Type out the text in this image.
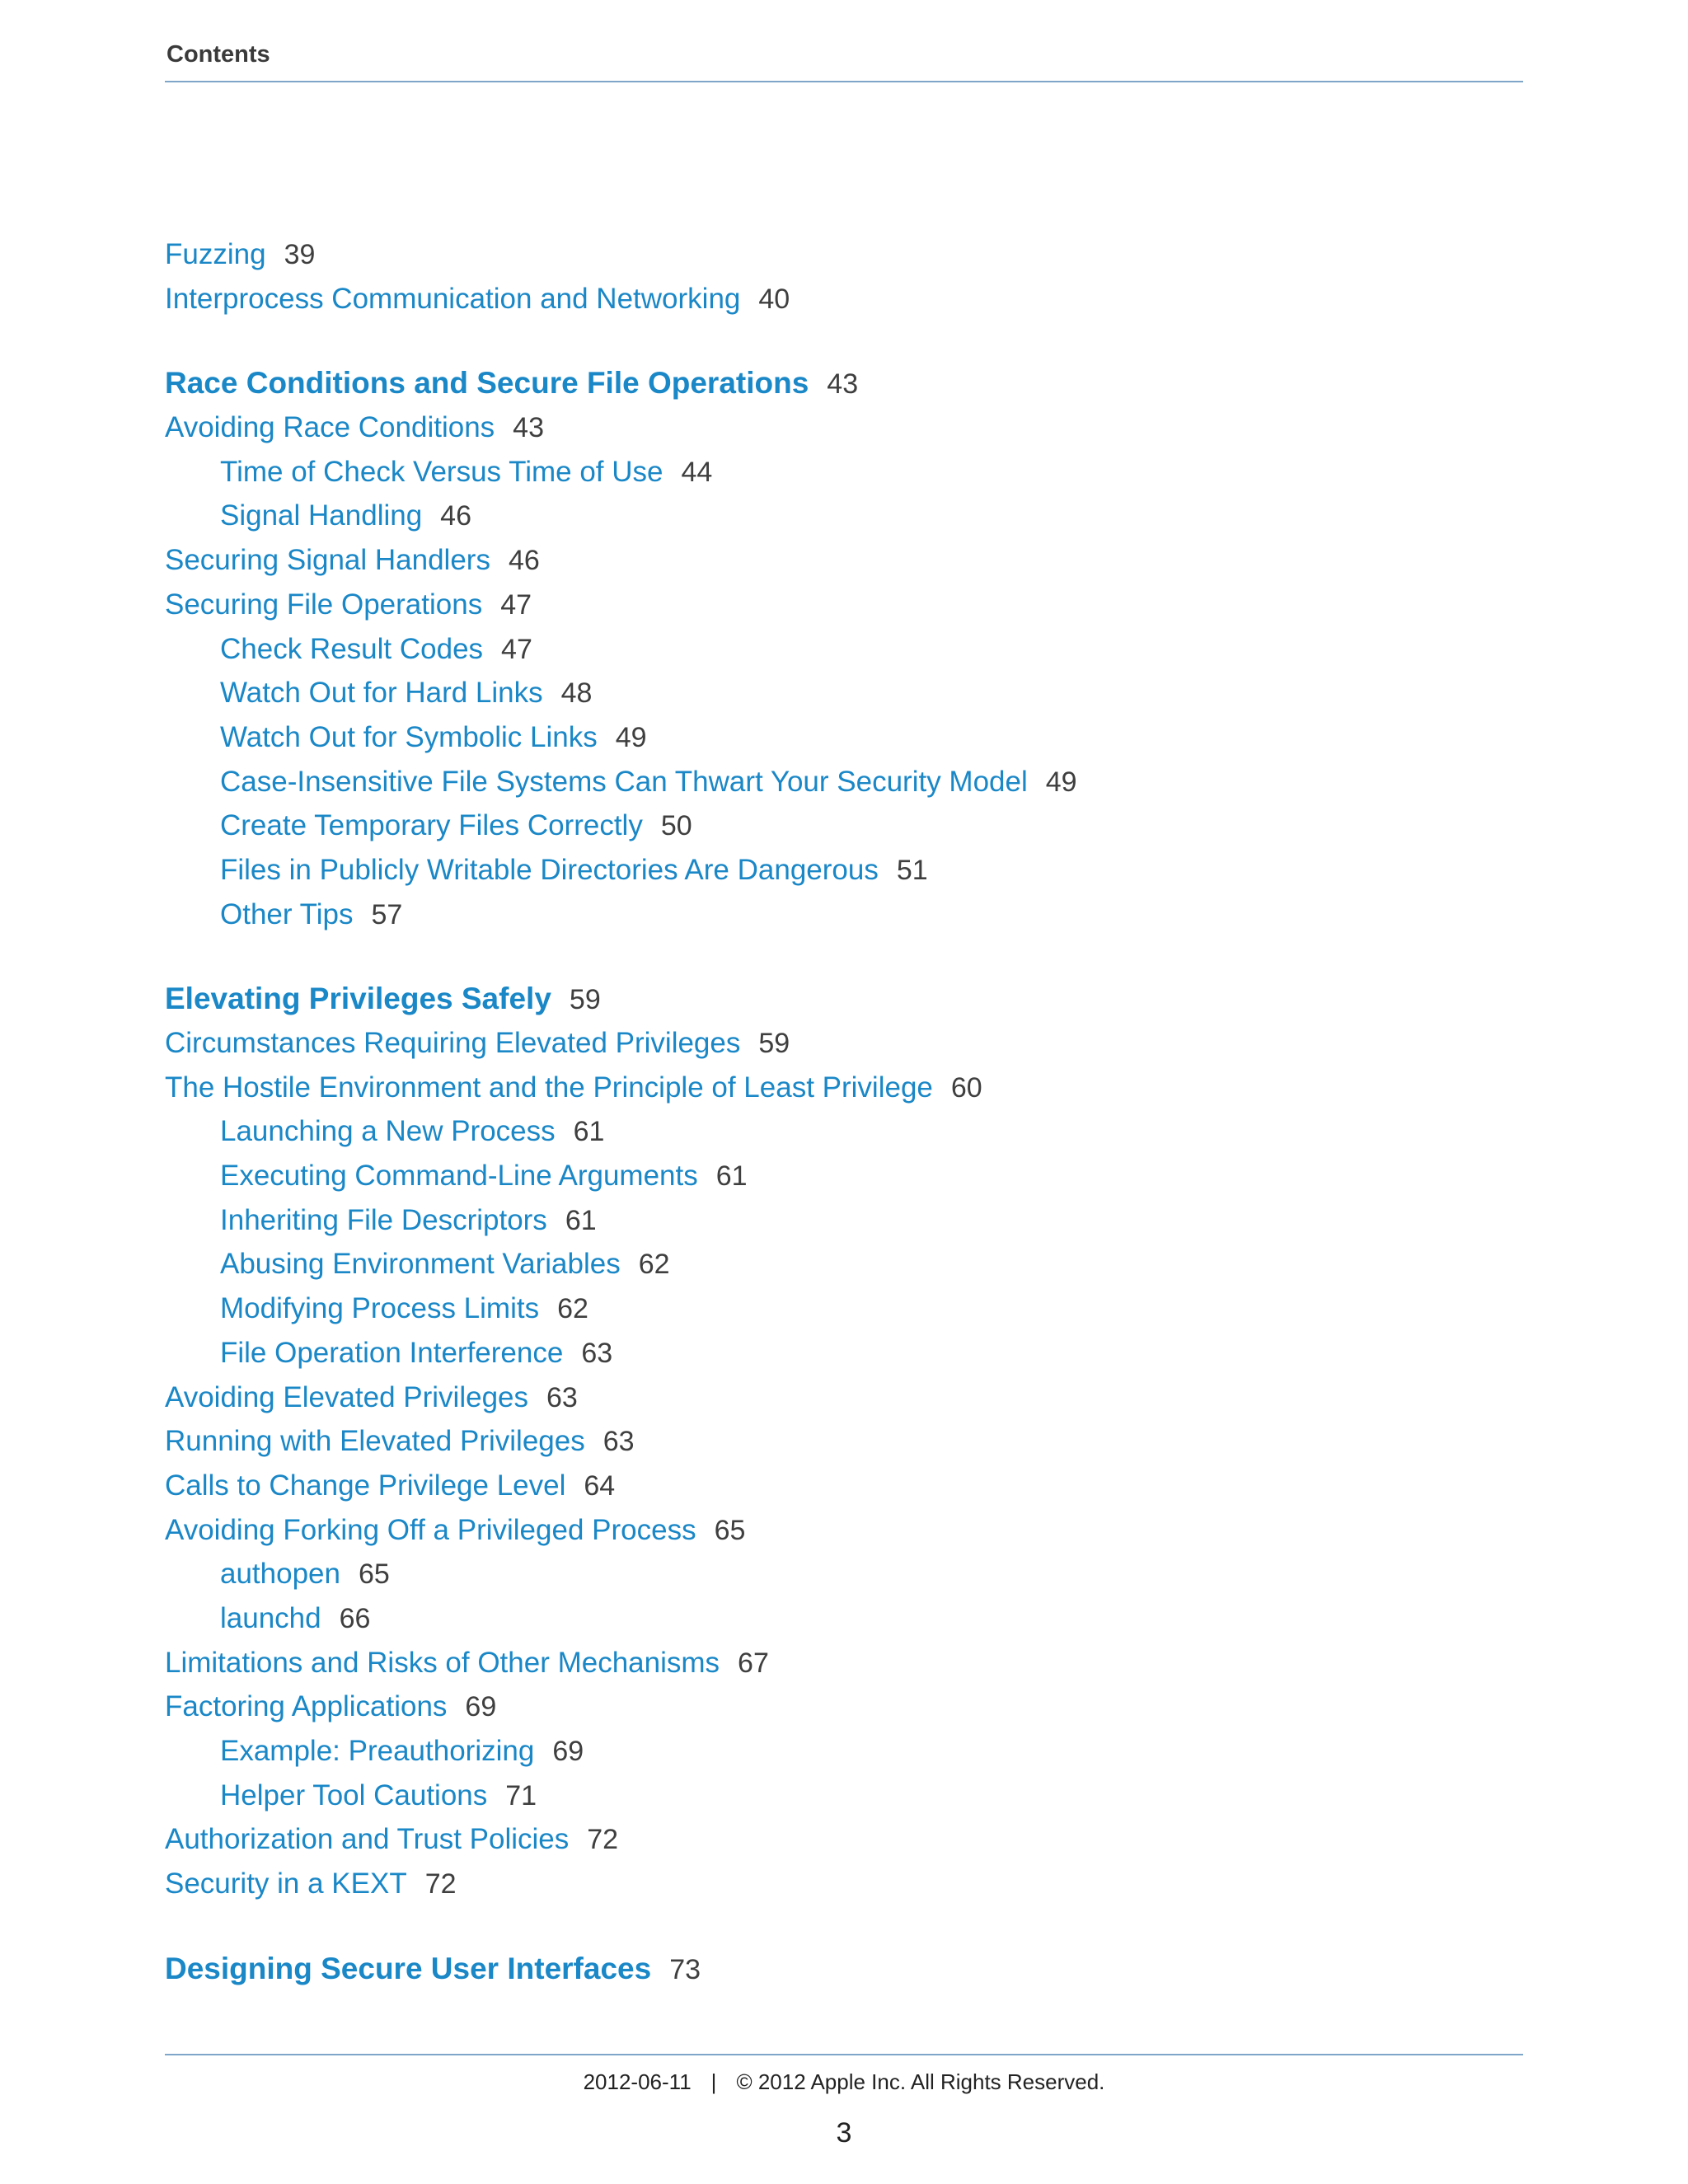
Contents
Fuzzing 39
Interprocess Communication and Networking 40
Race Conditions and Secure File Operations 43
Avoiding Race Conditions 43
Time of Check Versus Time of Use 44
Signal Handling 46
Securing Signal Handlers 46
Securing File Operations 47
Check Result Codes 47
Watch Out for Hard Links 48
Watch Out for Symbolic Links 49
Case-Insensitive File Systems Can Thwart Your Security Model 49
Create Temporary Files Correctly 50
Files in Publicly Writable Directories Are Dangerous 51
Other Tips 57
Elevating Privileges Safely 59
Circumstances Requiring Elevated Privileges 59
The Hostile Environment and the Principle of Least Privilege 60
Launching a New Process 61
Executing Command-Line Arguments 61
Inheriting File Descriptors 61
Abusing Environment Variables 62
Modifying Process Limits 62
File Operation Interference 63
Avoiding Elevated Privileges 63
Running with Elevated Privileges 63
Calls to Change Privilege Level 64
Avoiding Forking Off a Privileged Process 65
authopen 65
launchd 66
Limitations and Risks of Other Mechanisms 67
Factoring Applications 69
Example: Preauthorizing 69
Helper Tool Cautions 71
Authorization and Trust Policies 72
Security in a KEXT 72
Designing Secure User Interfaces 73
2012-06-11 | © 2012 Apple Inc. All Rights Reserved.
3
